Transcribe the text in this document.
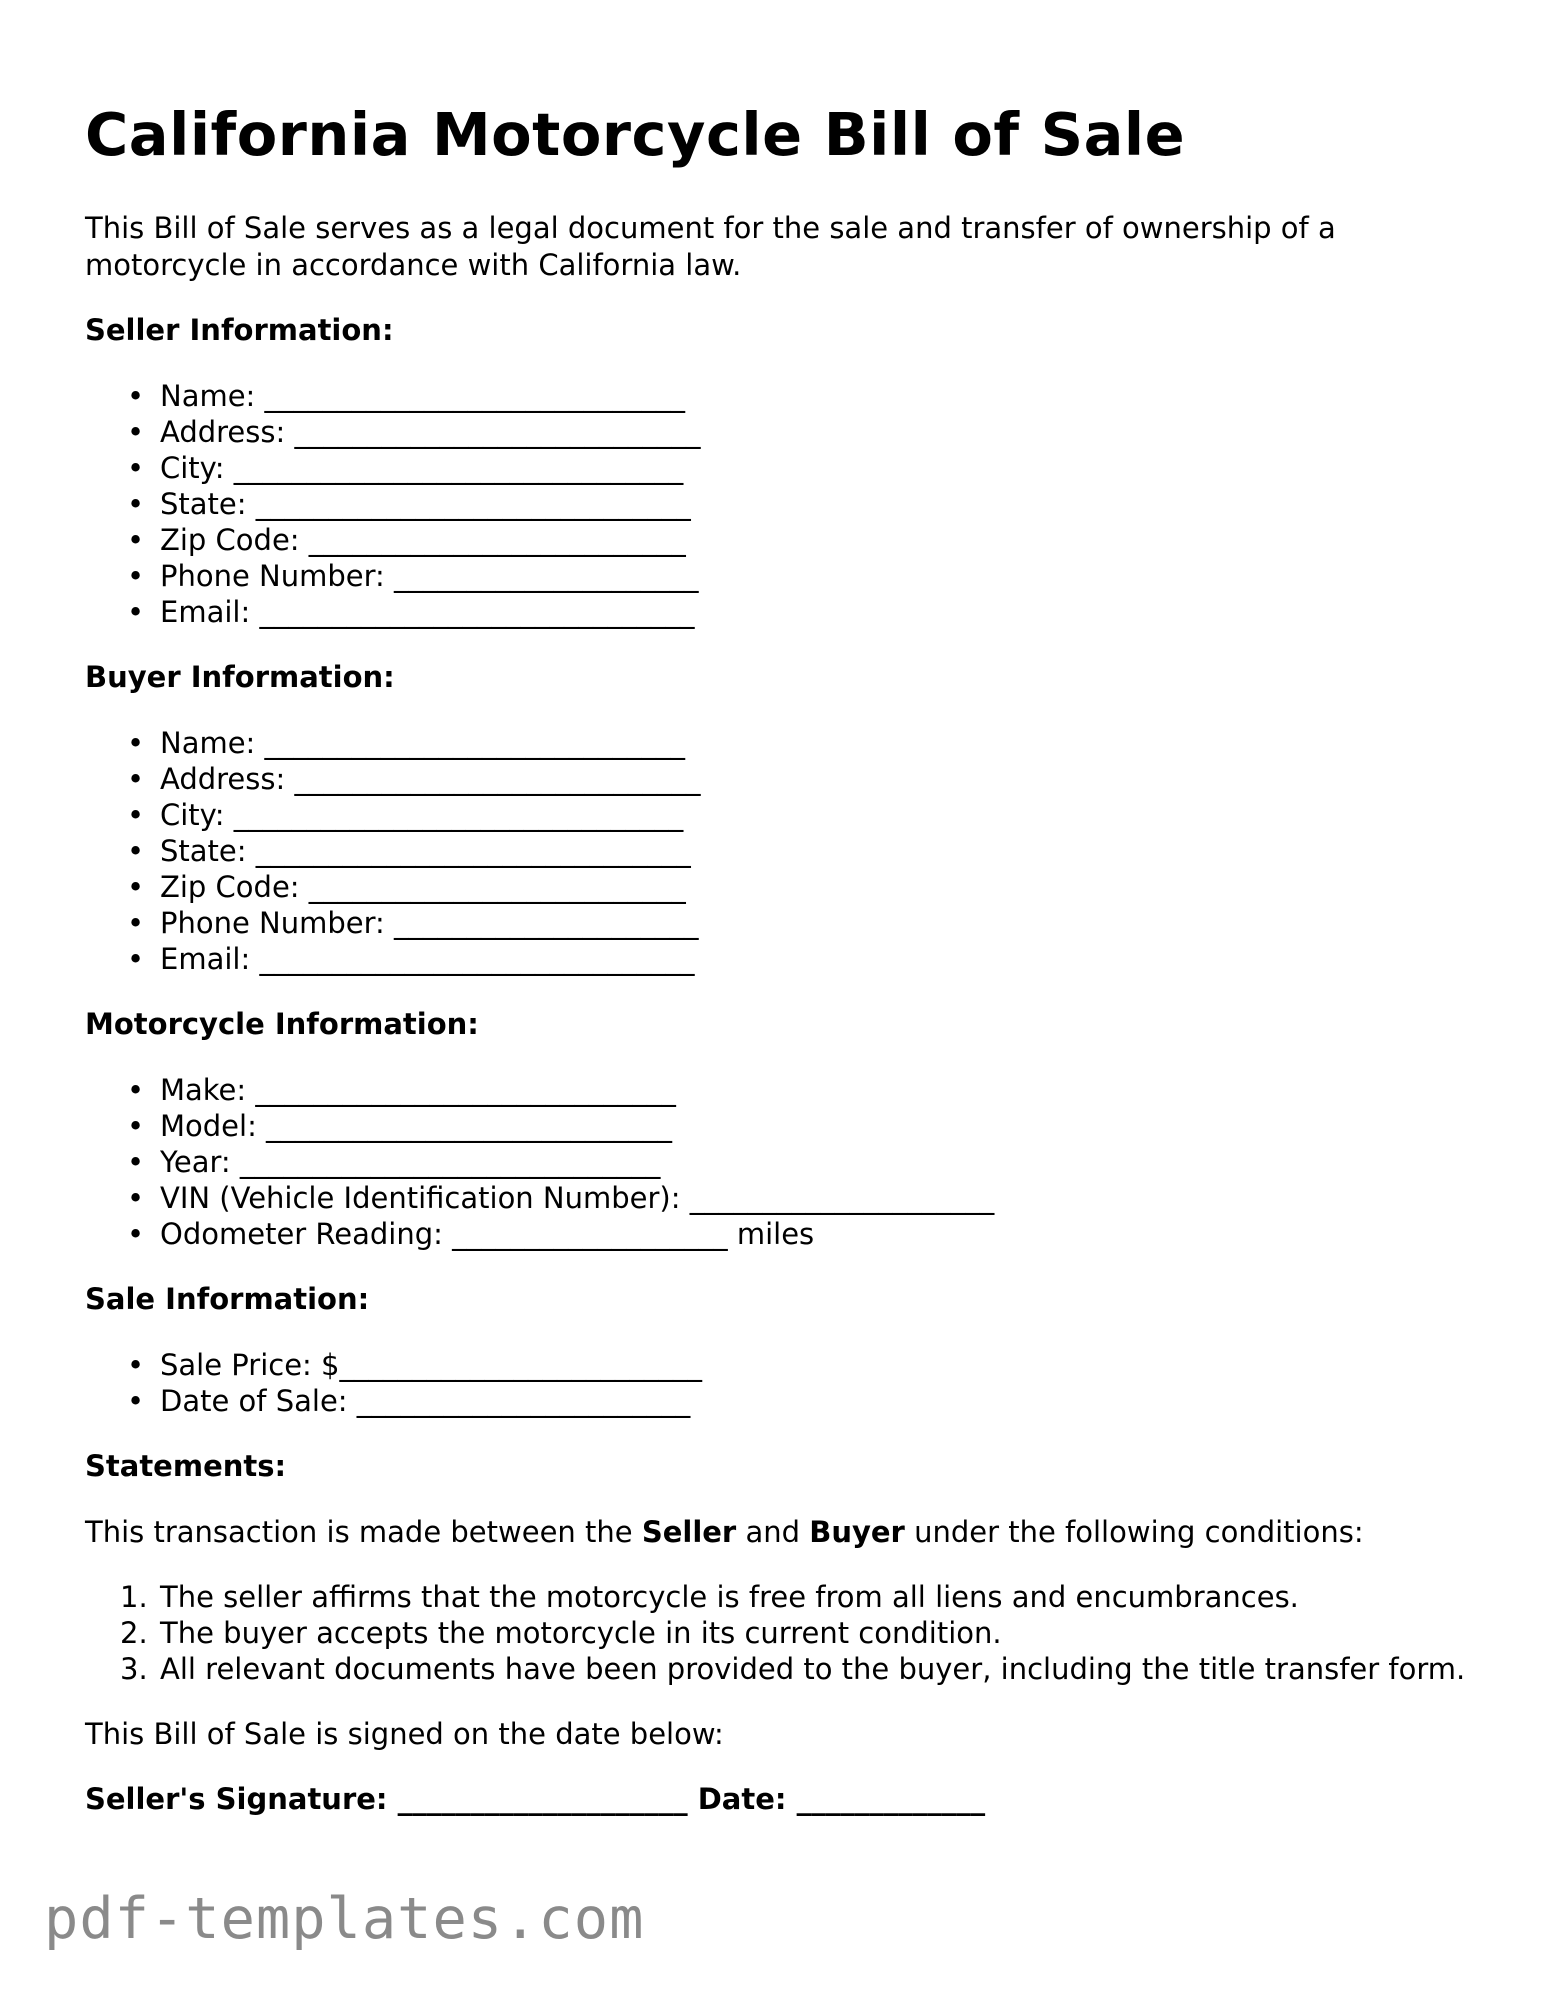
California Motorcycle Bill of Sale

This Bill of Sale serves as a legal document for the sale and transfer of ownership of a motorcycle in accordance with California law.

Seller Information:
• Name: _____________________________
• Address: ____________________________
• City: _______________________________
• State: ______________________________
• Zip Code: __________________________
• Phone Number: _____________________
• Email: ______________________________
Buyer Information:
• Name: _____________________________
• Address: ____________________________
• City: _______________________________
• State: ______________________________
• Zip Code: __________________________
• Phone Number: _____________________
• Email: ______________________________
Motorcycle Information:
• Make: _____________________________
• Model: ____________________________
• Year: _____________________________
• VIN (Vehicle Identification Number): _____________________
• Odometer Reading: ___________________ miles
Sale Information:
• Sale Price: $_________________________
• Date of Sale: _______________________
Statements:

This transaction is made between the Seller and Buyer under the following conditions:

1. The seller affirms that the motorcycle is free from all liens and encumbrances.
2. The buyer accepts the motorcycle in its current condition.
3. All relevant documents have been provided to the buyer, including the title transfer form.

This Bill of Sale is signed on the date below:

Seller's Signature: ____________________ Date: _____________
pdf-templates.com
